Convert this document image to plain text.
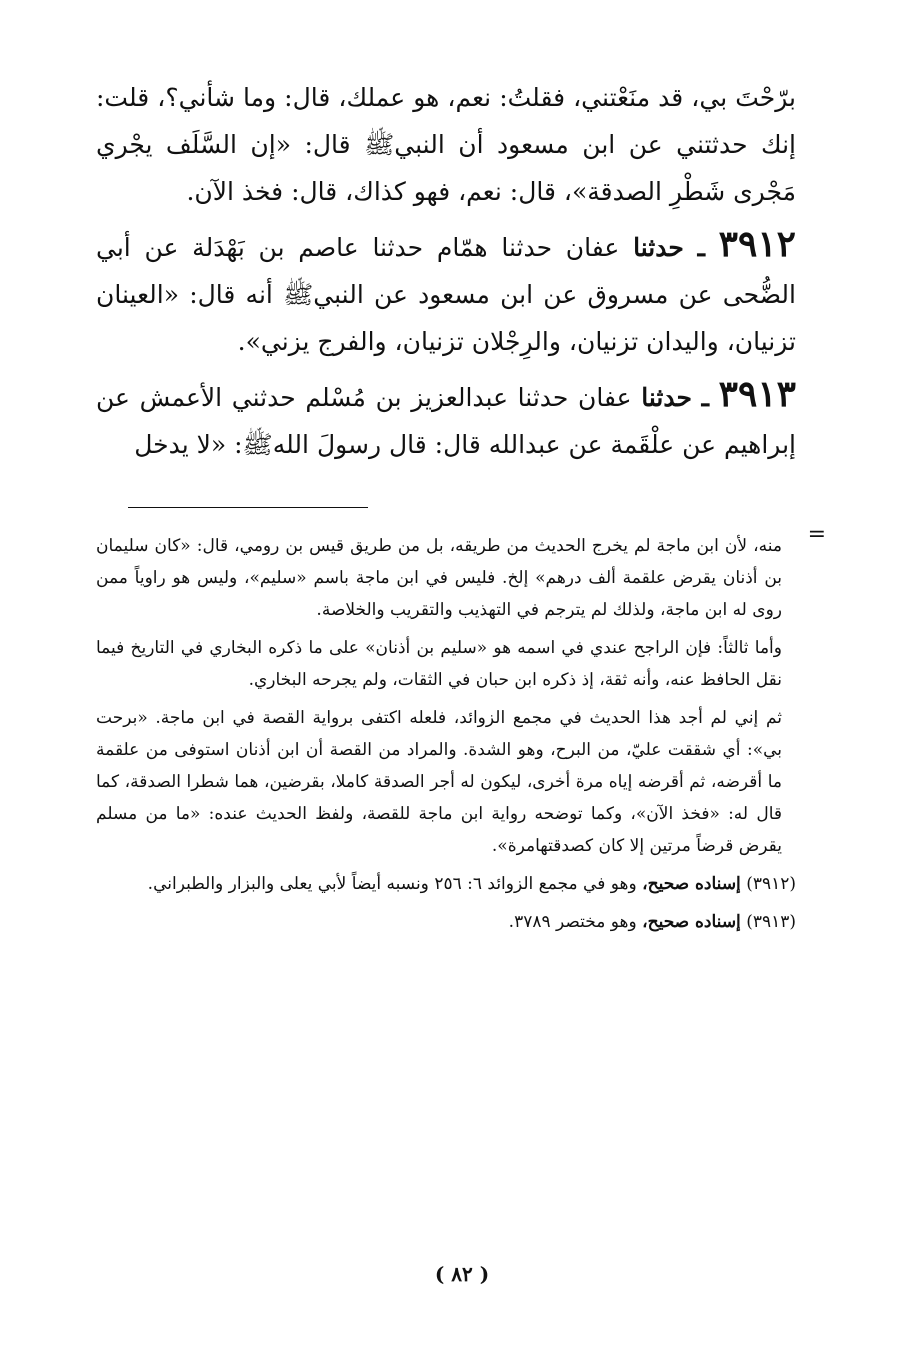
برّحْتَ بي، قد منَعْتني، فقلتُ: نعم، هو عملك، قال: وما شأني؟، قلت: إنك حدثتني عن ابن مسعود أن النبيﷺ قال: «إن السَّلَف يجْري مَجْرى شَطْرِ الصدقة»، قال: نعم، فهو كذاك، قال: فخذ الآن.

٣٩١٢ ـ حدثنا عفان حدثنا همّام حدثنا عاصم بن بَهْدَلة عن أبي الضُّحى عن مسروق عن ابن مسعود عن النبيﷺ أنه قال: «العينان تزنيان، واليدان تزنيان، والرِجْلان تزنيان، والفرج يزني».

٣٩١٣ ـ حدثنا عفان حدثنا عبدالعزيز بن مُسْلم حدثني الأعمش عن إبراهيم عن علْقَمة عن عبدالله قال: قال رسولَ اللهﷺ: «لا يدخل

=

منه، لأن ابن ماجة لم يخرج الحديث من طريقه، بل من طريق قيس بن رومي، قال: «كان سليمان بن أذنان يقرض علقمة ألف درهم» إلخ. فليس في ابن ماجة باسم «سليم»، وليس هو راوياً ممن روى له ابن ماجة، ولذلك لم يترجم في التهذيب والتقريب والخلاصة.

وأما ثالثاً: فإن الراجح عندي في اسمه هو «سليم بن أذنان» على ما ذكره البخاري في التاريخ فيما نقل الحافظ عنه، وأنه ثقة، إذ ذكره ابن حبان في الثقات، ولم يجرحه البخاري.

ثم إني لم أجد هذا الحديث في مجمع الزوائد، فلعله اكتفى برواية القصة في ابن ماجة. «برحت بي»: أي شققت عليّ، من البرح، وهو الشدة. والمراد من القصة أن ابن أذنان استوفى من علقمة ما أقرضه، ثم أقرضه إياه مرة أخرى، ليكون له أجر الصدقة كاملا، بقرضين، هما شطرا الصدقة، كما قال له: «فخذ الآن»، وكما توضحه رواية ابن ماجة للقصة، ولفظ الحديث عنده: «ما من مسلم يقرض قرضاً مرتين إلا كان كصدقتهامرة».

(٣٩١٢) إسناده صحيح، وهو في مجمع الزوائد ٦: ٢٥٦ ونسبه أيضاً لأبي يعلى والبزار والطبراني.

(٣٩١٣) إسناده صحيح، وهو مختصر ٣٧٨٩.

( ٨٢ )
